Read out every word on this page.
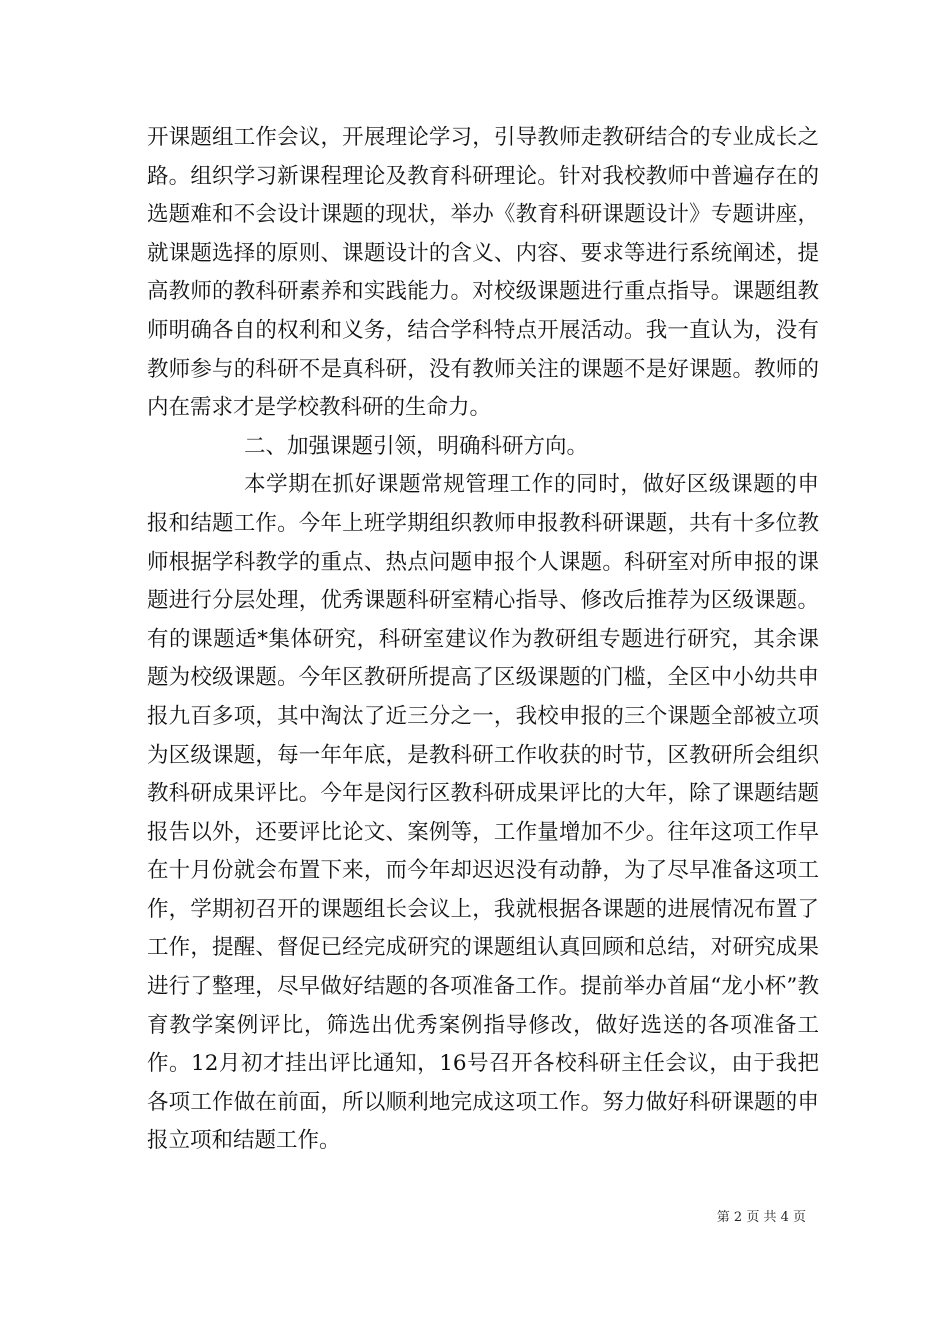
开课题组工作会议，开展理论学习，引导教师走教研结合的专业成长之路。组织学习新课程理论及教育科研理论。针对我校教师中普遍存在的选题难和不会设计课题的现状，举办《教育科研课题设计》专题讲座，就课题选择的原则、课题设计的含义、内容、要求等进行系统阐述，提高教师的教科研素养和实践能力。对校级课题进行重点指导。课题组教师明确各自的权利和义务，结合学科特点开展活动。我一直认为，没有教师参与的科研不是真科研，没有教师关注的课题不是好课题。教师的内在需求才是学校教科研的生命力。

二、加强课题引领，明确科研方向。

本学期在抓好课题常规管理工作的同时，做好区级课题的申报和结题工作。今年上班学期组织教师申报教科研课题，共有十多位教师根据学科教学的重点、热点问题申报个人课题。科研室对所申报的课题进行分层处理，优秀课题科研室精心指导、修改后推荐为区级课题。有的课题适*集体研究，科研室建议作为教研组专题进行研究，其余课题为校级课题。今年区教研所提高了区级课题的门槛，全区中小幼共申报九百多项，其中淘汰了近三分之一，我校申报的三个课题全部被立项为区级课题，每一年年底，是教科研工作收获的时节，区教研所会组织教科研成果评比。今年是闵行区教科研成果评比的大年，除了课题结题报告以外，还要评比论文、案例等，工作量增加不少。往年这项工作早在十月份就会布置下来，而今年却迟迟没有动静，为了尽早准备这项工作，学期初召开的课题组长会议上，我就根据各课题的进展情况布置了工作，提醒、督促已经完成研究的课题组认真回顾和总结，对研究成果进行了整理，尽早做好结题的各项准备工作。提前举办首届“龙小杯”教育教学案例评比，筛选出优秀案例指导修改，做好选送的各项准备工作。12月初才挂出评比通知，16号召开各校科研主任会议，由于我把各项工作做在前面，所以顺利地完成这项工作。努力做好科研课题的申报立项和结题工作。

第 2 页 共 4 页
